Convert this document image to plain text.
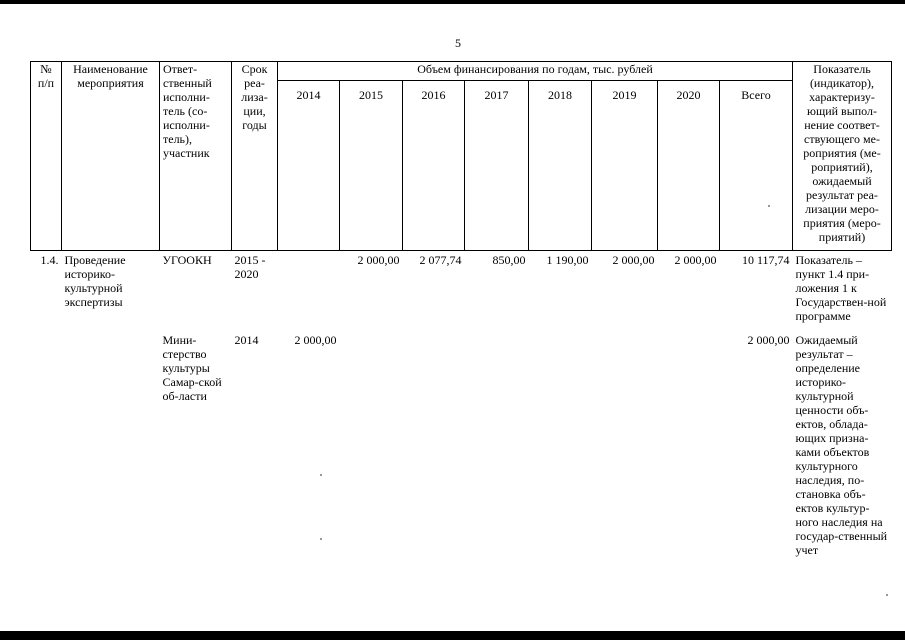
5
№ п/п	Наименование мероприятия	Ответ-ственный исполни-тель (со-исполни-тель), участник	Срок реа-лиза-ции, годы	Объем финансирования по годам, тыс. рублей								Показатель (индикатор), характеризу-ющий выпол-нение соответ-ствующего ме-роприятия (ме-роприятий), ожидаемый результат реа-лизации меро-приятия (меро-приятий)
				2014	2015	2016	2017	2018	2019	2020	Всего	

1.4.	Проведение историко-культурной экспертизы	УГООКН	2015 - 2020		2 000,00	2 077,74	850,00	1 190,00	2 000,00	2 000,00	10 117,74	Показатель – пункт 1.4 при-ложения 1 к Государствен-ной программе
		Мини-стерство культуры Самар-ской об-ласти	2014	2 000,00							2 000,00	Ожидаемый результат – определение историко-культурной ценности объ-ектов, облада-ющих призна-ками объектов культурного наследия, по-становка объ-ектов культур-ного наследия на государ-ственный учет
